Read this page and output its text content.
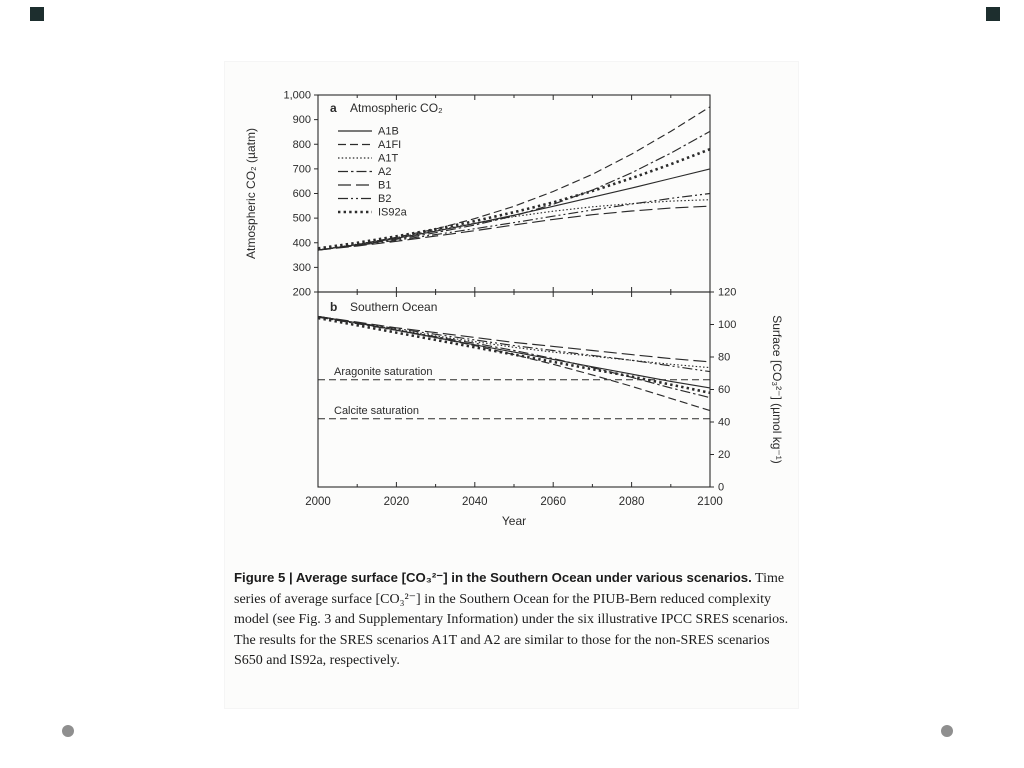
200
300
400
500
600
700
800
900
1,000
2000	2020	2040	2060	2080	2100
Year
0
20
40
60
80
100
120
Atmospheric CO₂ (µatm)
Surface [CO₃²⁻] (µmol kg⁻¹)
a Atmospheric CO₂
b Southern Ocean
Aragonite saturation
Calcite saturation
A1B
A1FI
A1T
A2
B1
B2
IS92a
Figure 5 | Average surface [CO₃²⁻] in the Southern Ocean under various scenarios. Time series of average surface [CO₃²⁻] in the Southern Ocean for the PIUB-Bern reduced complexity model (see Fig. 3 and Supplementary Information) under the six illustrative IPCC SRES scenarios. The results for the SRES scenarios A1T and A2 are similar to those for the non-SRES scenarios S650 and IS92a, respectively.
